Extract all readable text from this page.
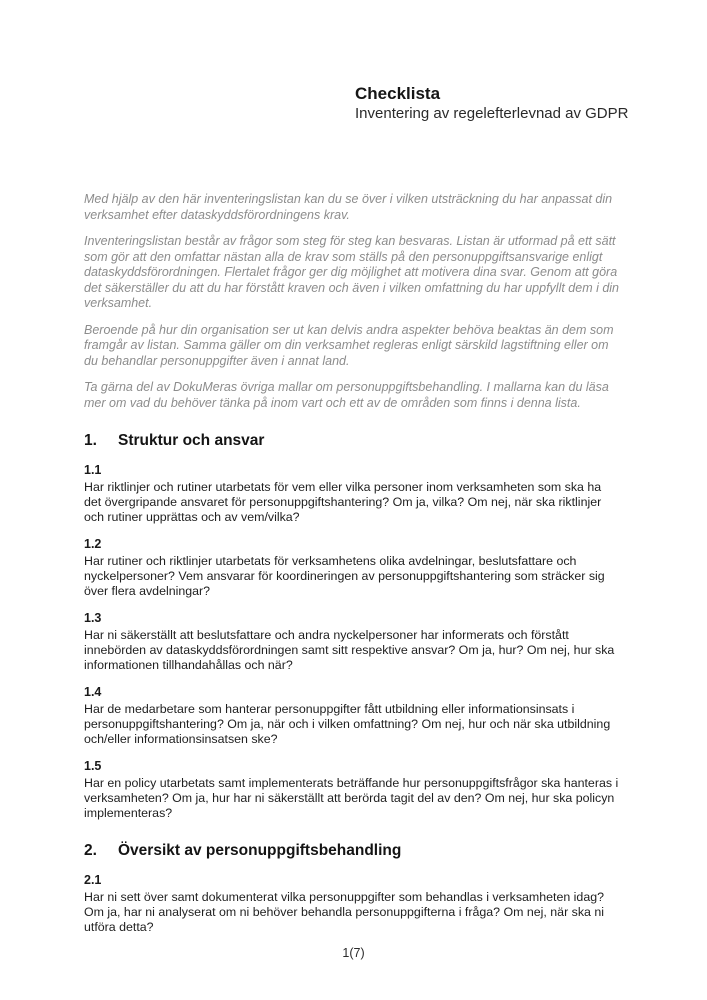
Checklista
Inventering av regelefterlevnad av GDPR

Med hjälp av den här inventeringslistan kan du se över i vilken utsträckning du har anpassat din verksamhet efter dataskyddsförordningens krav.

Inventeringslistan består av frågor som steg för steg kan besvaras. Listan är utformad på ett sätt som gör att den omfattar nästan alla de krav som ställs på den personuppgiftsansvarige enligt dataskyddsförordningen. Flertalet frågor ger dig möjlighet att motivera dina svar. Genom att göra det säkerställer du att du har förstått kraven och även i vilken omfattning du har uppfyllt dem i din verksamhet.

Beroende på hur din organisation ser ut kan delvis andra aspekter behöva beaktas än dem som framgår av listan. Samma gäller om din verksamhet regleras enligt särskild lagstiftning eller om du behandlar personuppgifter även i annat land.

Ta gärna del av DokuMeras övriga mallar om personuppgiftsbehandling. I mallarna kan du läsa mer om vad du behöver tänka på inom vart och ett av de områden som finns i denna lista.

1.	Struktur och ansvar

1.1

Har riktlinjer och rutiner utarbetats för vem eller vilka personer inom verksamheten som ska ha det övergripande ansvaret för personuppgiftshantering? Om ja, vilka? Om nej, när ska riktlinjer och rutiner upprättas och av vem/vilka?

1.2

Har rutiner och riktlinjer utarbetats för verksamhetens olika avdelningar, beslutsfattare och nyckelpersoner? Vem ansvarar för koordineringen av personuppgiftshantering som sträcker sig över flera avdelningar?

1.3

Har ni säkerställt att beslutsfattare och andra nyckelpersoner har informerats och förstått innebörden av dataskyddsförordningen samt sitt respektive ansvar? Om ja, hur? Om nej, hur ska informationen tillhandahållas och när?

1.4

Har de medarbetare som hanterar personuppgifter fått utbildning eller informationsinsats i personuppgiftshantering? Om ja, när och i vilken omfattning? Om nej, hur och när ska utbildning och/eller informationsinsatsen ske?

1.5

Har en policy utarbetats samt implementerats beträffande hur personuppgiftsfrågor ska hanteras i verksamheten? Om ja, hur har ni säkerställt att berörda tagit del av den? Om nej, hur ska policyn implementeras?

2.	Översikt av personuppgiftsbehandling

2.1

Har ni sett över samt dokumenterat vilka personuppgifter som behandlas i verksamheten idag? Om ja, har ni analyserat om ni behöver behandla personuppgifterna i fråga? Om nej, när ska ni utföra detta?

1(7)
